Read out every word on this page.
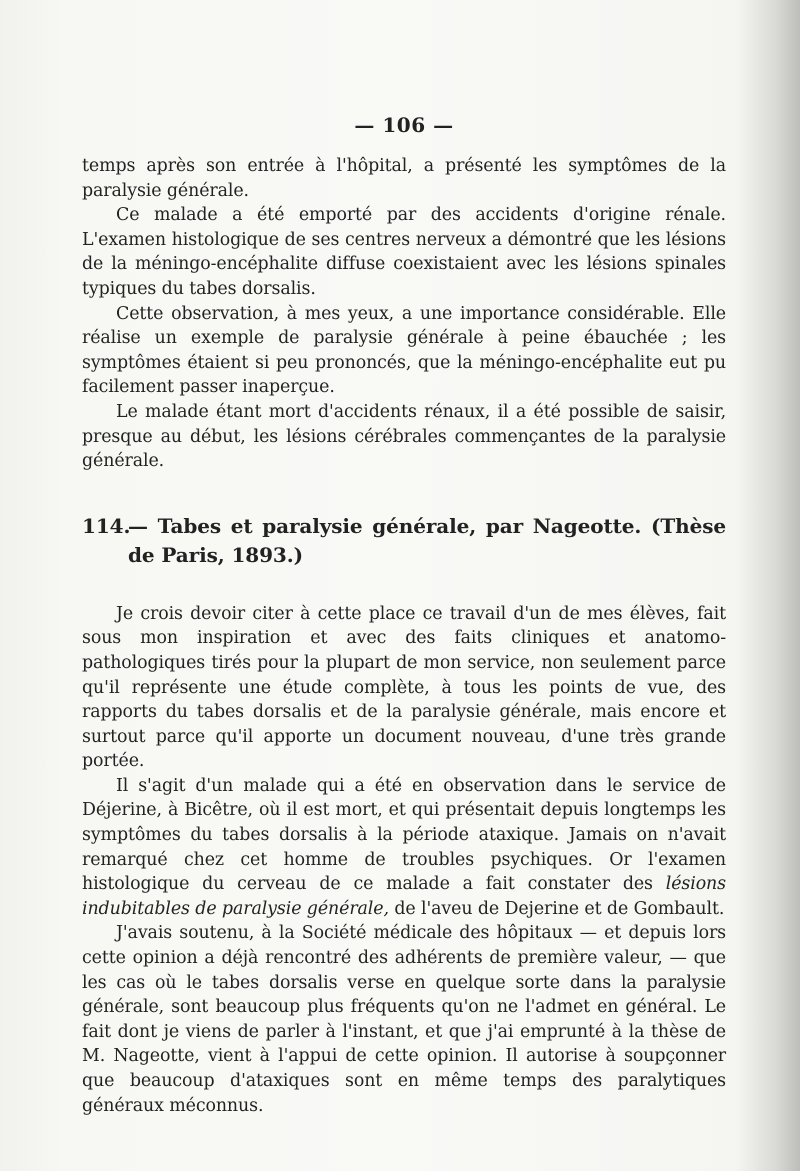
— 106 —

temps après son entrée à l'hôpital, a présenté les symptômes de la paralysie générale.

Ce malade a été emporté par des accidents d'origine rénale. L'examen histologique de ses centres nerveux a démontré que les lésions de la méningo-encéphalite diffuse coexistaient avec les lésions spinales typiques du tabes dorsalis.

Cette observation, à mes yeux, a une importance considérable. Elle réalise un exemple de paralysie générale à peine ébauchée ; les symptômes étaient si peu prononcés, que la méningo-encéphalite eut pu facilement passer inaperçue.

Le malade étant mort d'accidents rénaux, il a été possible de saisir, presque au début, les lésions cérébrales commençantes de la paralysie générale.

114.— Tabes et paralysie générale, par Nageotte. (Thèse de Paris, 1893.)

Je crois devoir citer à cette place ce travail d'un de mes élèves, fait sous mon inspiration et avec des faits cliniques et anatomo-pathologiques tirés pour la plupart de mon service, non seulement parce qu'il représente une étude complète, à tous les points de vue, des rapports du tabes dorsalis et de la paralysie générale, mais encore et surtout parce qu'il apporte un document nouveau, d'une très grande portée.

Il s'agit d'un malade qui a été en observation dans le service de Déjerine, à Bicêtre, où il est mort, et qui présentait depuis longtemps les symptômes du tabes dorsalis à la période ataxique. Jamais on n'avait remarqué chez cet homme de troubles psychiques. Or l'examen histologique du cerveau de ce malade a fait constater des lésions indubitables de paralysie générale, de l'aveu de Dejerine et de Gombault.

J'avais soutenu, à la Société médicale des hôpitaux — et depuis lors cette opinion a déjà rencontré des adhérents de première valeur, — que les cas où le tabes dorsalis verse en quelque sorte dans la paralysie générale, sont beaucoup plus fréquents qu'on ne l'admet en général. Le fait dont je viens de parler à l'instant, et que j'ai emprunté à la thèse de M. Nageotte, vient à l'appui de cette opinion. Il autorise à soupçonner que beaucoup d'ataxiques sont en même temps des paralytiques généraux méconnus.
